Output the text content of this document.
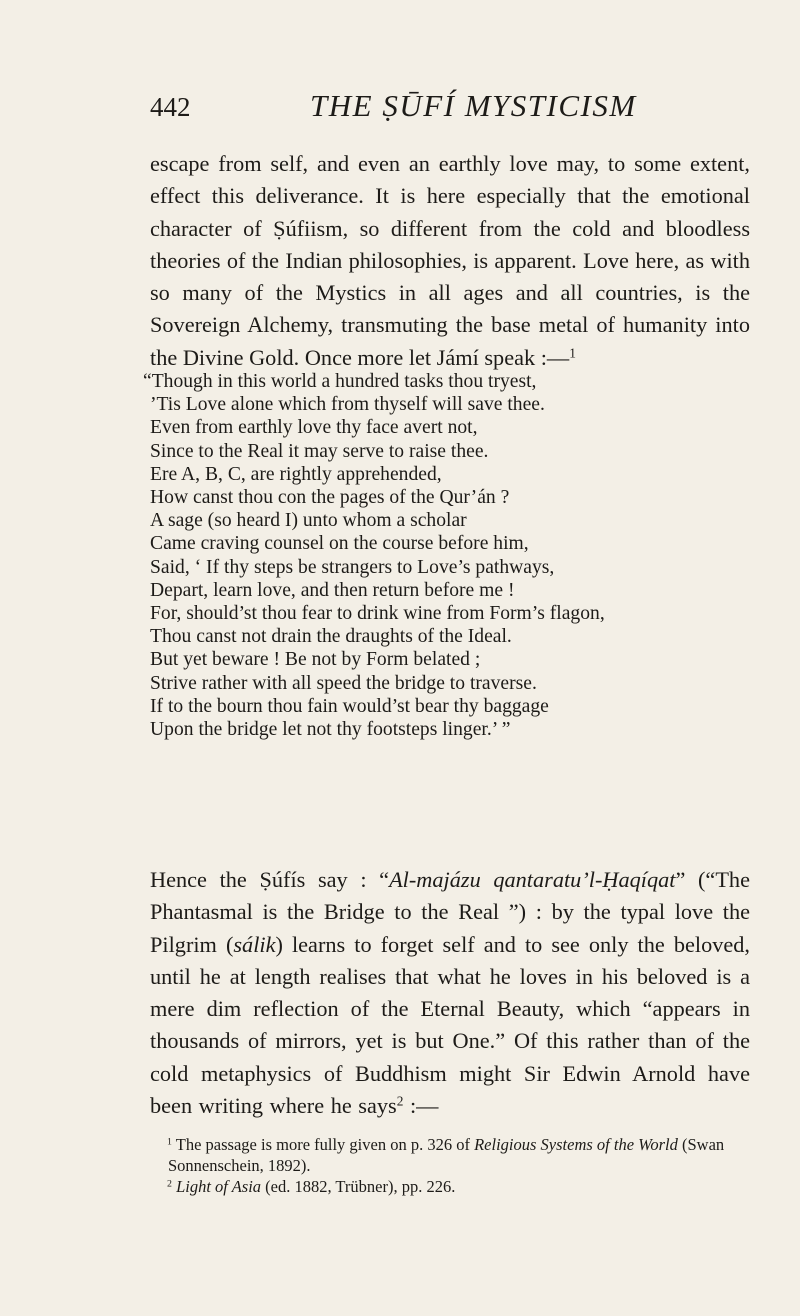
442	THE ṢŪFÍ MYSTICISM

escape from self, and even an earthly love may, to some extent, effect this deliverance. It is here especially that the emotional character of Ṣúfiism, so different from the cold and bloodless theories of the Indian philosophies, is apparent. Love here, as with so many of the Mystics in all ages and all countries, is the Sovereign Alchemy, transmuting the base metal of humanity into the Divine Gold. Once more let Jámí speak :—$^1$

“Though in this world a hundred tasks thou tryest,
’Tis Love alone which from thyself will save thee.
Even from earthly love thy face avert not,
Since to the Real it may serve to raise thee.
Ere A, B, C, are rightly apprehended,
How canst thou con the pages of the Qur’án ?
A sage (so heard I) unto whom a scholar
Came craving counsel on the course before him,
Said, ‘ If thy steps be strangers to Love’s pathways,
Depart, learn love, and then return before me !
For, should’st thou fear to drink wine from Form’s flagon,
Thou canst not drain the draughts of the Ideal.
But yet beware ! Be not by Form belated ;
Strive rather with all speed the bridge to traverse.
If to the bourn thou fain would’st bear thy baggage
Upon the bridge let not thy footsteps linger.’ ”

Hence the Ṣúfís say : “Al-majázu qantaratu’l-Ḥaqíqat” (“The Phantasmal is the Bridge to the Real ”) : by the typal love the Pilgrim (sálik) learns to forget self and to see only the beloved, until he at length realises that what he loves in his beloved is a mere dim reflection of the Eternal Beauty, which “appears in thousands of mirrors, yet is but One.” Of this rather than of the cold metaphysics of Buddhism might Sir Edwin Arnold have been writing where he says$^2$ :—

$^1$ The passage is more fully given on p. 326 of Religious Systems of the World (Swan Sonnenschein, 1892).
$^2$ Light of Asia (ed. 1882, Trübner), pp. 226.
